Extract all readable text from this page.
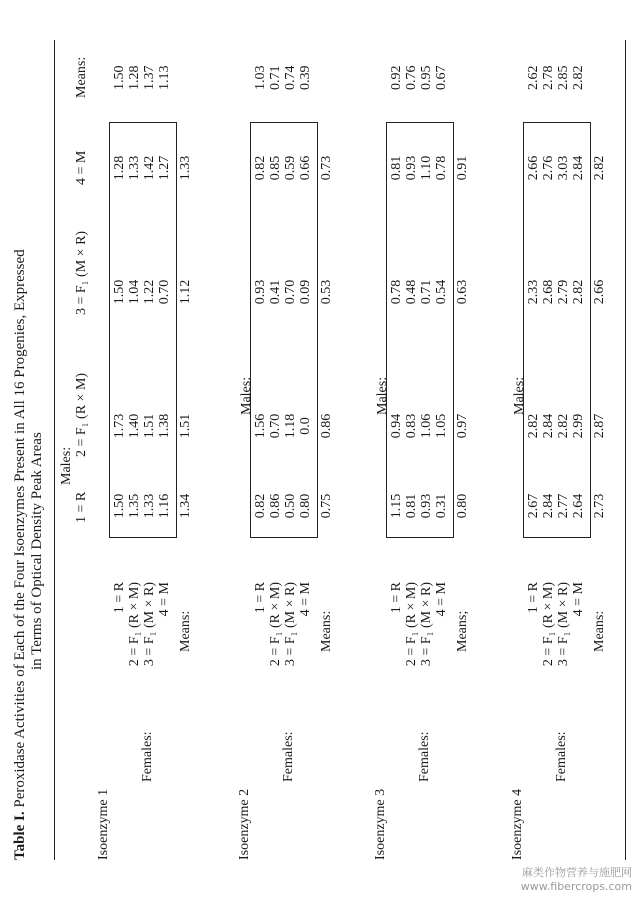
Table I. Peroxidase Activities of Each of the Four Isoenzymes Present in All 16 Progenies, Expressed in Terms of Optical Density Peak Areas Males:
1 = R
2 = F₁ (R × M)
3 = F₁ (M × R)
4 = M
Means:
Isoenzyme 1
1 = R 2 = F₁ (R × M) 3 = F₁ (M × R) 4 = M
Females:
1.50
1.73
1.50
1.28
1.50
1.35
1.40
1.04
1.33
1.28
1.33
1.51
1.22
1.42
1.37
1.16
1.38
0.70
1.27
1.13
Means:
1.34
1.51
1.12
1.33
Isoenzyme 2
Males:
1 = R 2 = F₁ (R × M) 3 = F₁ (M × R) 4 = M
Females:
0.82
1.56
0.93
0.82
1.03
0.86
0.70
0.41
0.85
0.71
0.50
1.18
0.70
0.59
0.74
0.80
0.0
0.09
0.66
0.39
Means:
0.75
0.86
0.53
0.73
Isoenzyme 3
Males:
1 = R 2 = F₁ (R × M) 3 = F₁ (M × R) 4 = M
Females:
1.15
0.94
0.78
0.81
0.92
0.81
0.83
0.48
0.93
0.76
0.93
1.06
0.71
1.10
0.95
0.31
1.05
0.54
0.78
0.67
Means;
0.80
0.97
0.63
0.91
Isoenzyme 4
Males:
1 = R 2 = F₁ (R × M) 3 = F₁ (M × R) 4 = M
Females:
2.67
2.82
2.33
2.66
2.62
2.84
2.84
2.68
2.76
2.78
2.77
2.82
2.79
3.03
2.85
2.64
2.99
2.82
2.84
2.82
Means:
2.73
2.87
2.66
2.82
麻类作物营养与施肥网
www.fibercrops.com
